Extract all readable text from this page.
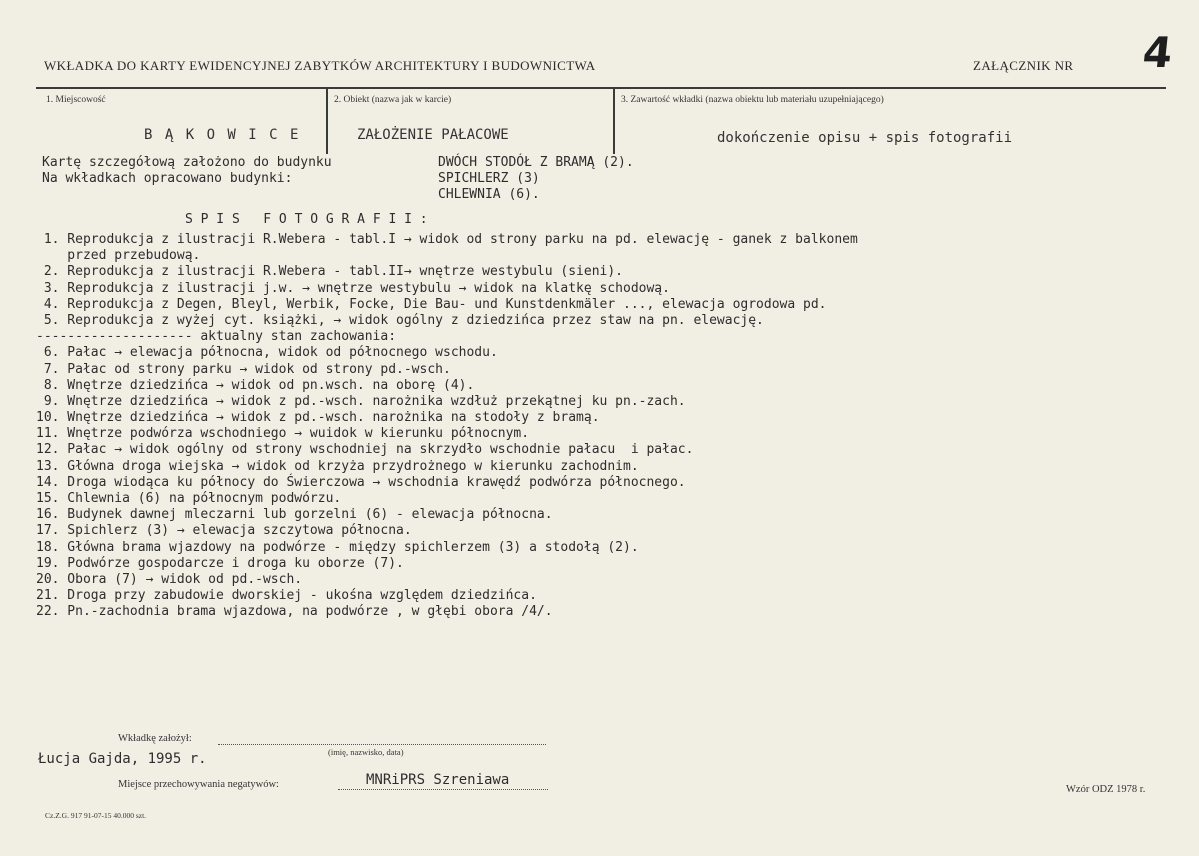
WKŁADKA DO KARTY EWIDENCYJNEJ ZABYTKÓW ARCHITEKTURY I BUDOWNICTWA	ZAŁĄCZNIK NR 4
1. Miejscowość
B Ą K O W I C E
2. Obiekt (nazwa jak w karcie)
ZAŁOŻENIE PAŁACOWE
3. Zawartość wkładki (nazwa obiektu lub materiału uzupełniającego)
dokończenie opisu + spis fotografii
Kartę szczegółową założono do budynku	DWÓCH STODÓŁ Z BRAMĄ (2).
Na wkładkach opracowano budynki:	SPICHLERZ (3)
CHLEWNIA (6).
S P I S   F O T O G R A F I I :
1. Reprodukcja z ilustracji R.Webera - tabl.I → widok od strony parku na pd. elewację - ganek z balkonem
przed przebudową.
2. Reprodukcja z ilustracji R.Webera - tabl.II→ wnętrze westybulu (sieni).
3. Reprodukcja z ilustracji j.w. → wnętrze westybulu → widok na klatkę schodową.
4. Reprodukcja z Degen, Bleyl, Werbik, Focke, Die Bau- und Kunstdenkmäler ..., elewacja ogrodowa pd.
5. Reprodukcja z wyżej cyt. książki, → widok ogólny z dziedzińca przez staw na pn. elewację.
-------------------- aktualny stan zachowania:
6. Pałac → elewacja północna, widok od północnego wschodu.
7. Pałac od strony parku → widok od strony pd.-wsch.
8. Wnętrze dziedzińca → widok od pn.wsch. na oborę (4).
9. Wnętrze dziedzińca → widok z pd.-wsch. narożnika wzdłuż przekątnej ku pn.-zach.
10. Wnętrze dziedzińca → widok z pd.-wsch. narożnika na stodoły z bramą.
11. Wnętrze podwórza wschodniego → wuidok w kierunku północnym.
12. Pałac → widok ogólny od strony wschodniej na skrzydło wschodnie pałacu  i pałac.
13. Główna droga wiejska → widok od krzyża przydrożnego w kierunku zachodnim.
14. Droga wiodąca ku północy do Świerczowa → wschodnia krawędź podwórza północnego.
15. Chlewnia (6) na północnym podwórzu.
16. Budynek dawnej mleczarni lub gorzelni (6) - elewacja północna.
17. Spichlerz (3) → elewacja szczytowa północna.
18. Główna brama wjazdowy na podwórze - między spichlerzem (3) a stodołą (2).
19. Podwórze gospodarcze i droga ku oborze (7).
20. Obora (7) → widok od pd.-wsch.
21. Droga przy zabudowie dworskiej - ukośna względem dziedzińca.
22. Pn.-zachodnia brama wjazdowa, na podwórze , w głębi obora /4/.
Wkładkę założył:
(imię, nazwisko, data)
Łucja Gajda, 1995 r.
Miejsce przechowywania negatywów:	MNRiPRS Szreniawa
Cz.Z.G. 917 91-07-15 40.000 szt.
Wzór ODZ 1978 r.
